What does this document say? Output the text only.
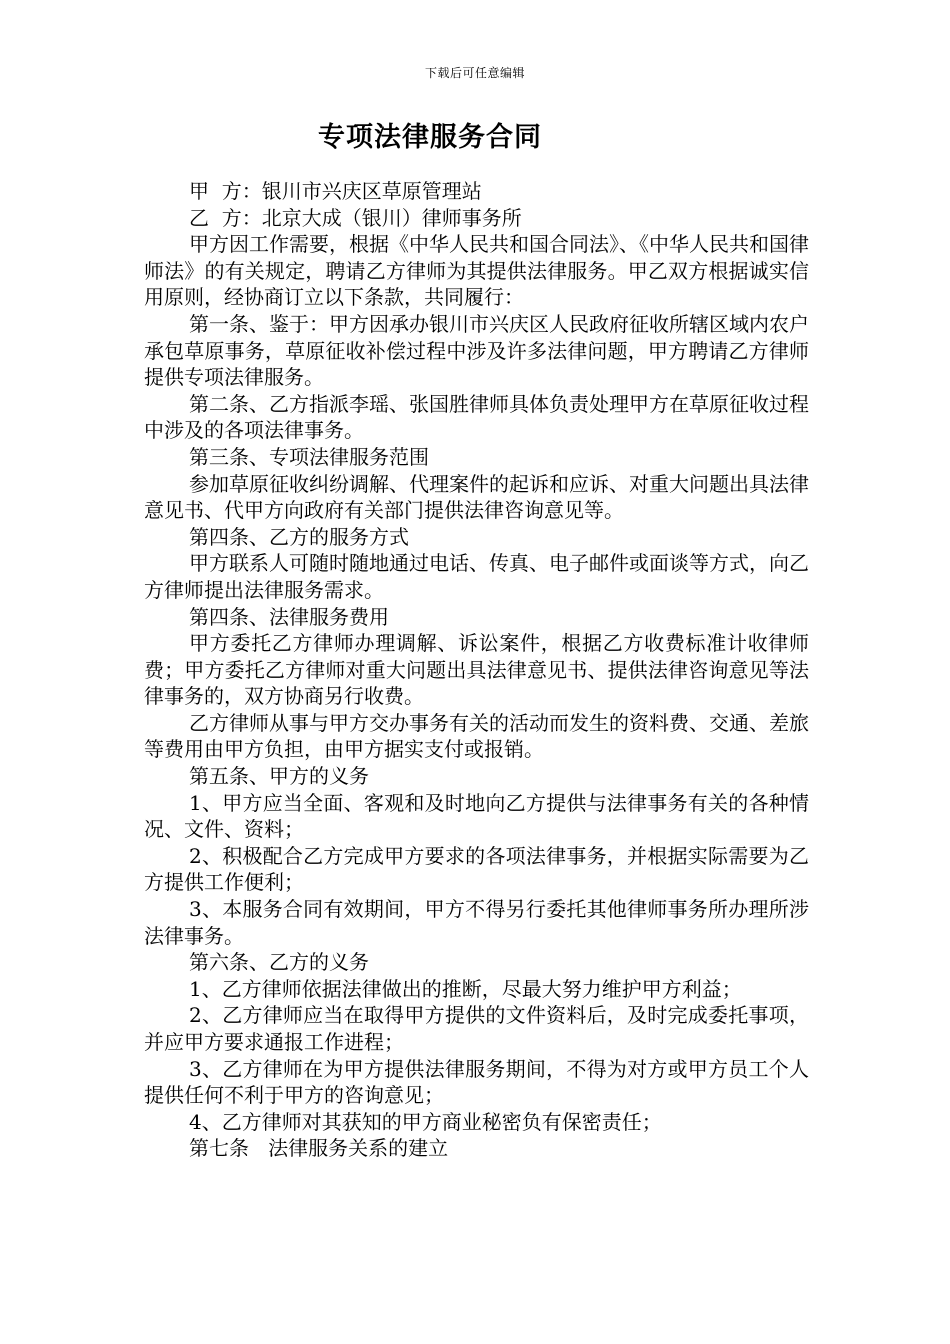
下载后可任意编辑
专项法律服务合同

甲  方：银川市兴庆区草原管理站

乙  方：北京大成（银川）律师事务所

甲方因工作需要，根据《中华人民共和国合同法》、《中华人民共和国律师法》的有关规定，聘请乙方律师为其提供法律服务。甲乙双方根据诚实信用原则，经协商订立以下条款，共同履行：

第一条、鉴于：甲方因承办银川市兴庆区人民政府征收所辖区域内农户承包草原事务，草原征收补偿过程中涉及许多法律问题，甲方聘请乙方律师提供专项法律服务。

第二条、乙方指派李瑶、张国胜律师具体负责处理甲方在草原征收过程中涉及的各项法律事务。

第三条、专项法律服务范围

参加草原征收纠纷调解、代理案件的起诉和应诉、对重大问题出具法律意见书、代甲方向政府有关部门提供法律咨询意见等。

第四条、乙方的服务方式

甲方联系人可随时随地通过电话、传真、电子邮件或面谈等方式，向乙方律师提出法律服务需求。

第四条、法律服务费用

甲方委托乙方律师办理调解、诉讼案件，根据乙方收费标准计收律师费；甲方委托乙方律师对重大问题出具法律意见书、提供法律咨询意见等法律事务的，双方协商另行收费。

乙方律师从事与甲方交办事务有关的活动而发生的资料费、交通、差旅等费用由甲方负担，由甲方据实支付或报销。

第五条、甲方的义务

1、甲方应当全面、客观和及时地向乙方提供与法律事务有关的各种情况、文件、资料；

2、积极配合乙方完成甲方要求的各项法律事务，并根据实际需要为乙方提供工作便利；

3、本服务合同有效期间，甲方不得另行委托其他律师事务所办理所涉法律事务。

第六条、乙方的义务

1、乙方律师依据法律做出的推断，尽最大努力维护甲方利益；

2、乙方律师应当在取得甲方提供的文件资料后，及时完成委托事项，并应甲方要求通报工作进程；

3、乙方律师在为甲方提供法律服务期间，不得为对方或甲方员工个人提供任何不利于甲方的咨询意见；

4、乙方律师对其获知的甲方商业秘密负有保密责任；

第七条   法律服务关系的建立
